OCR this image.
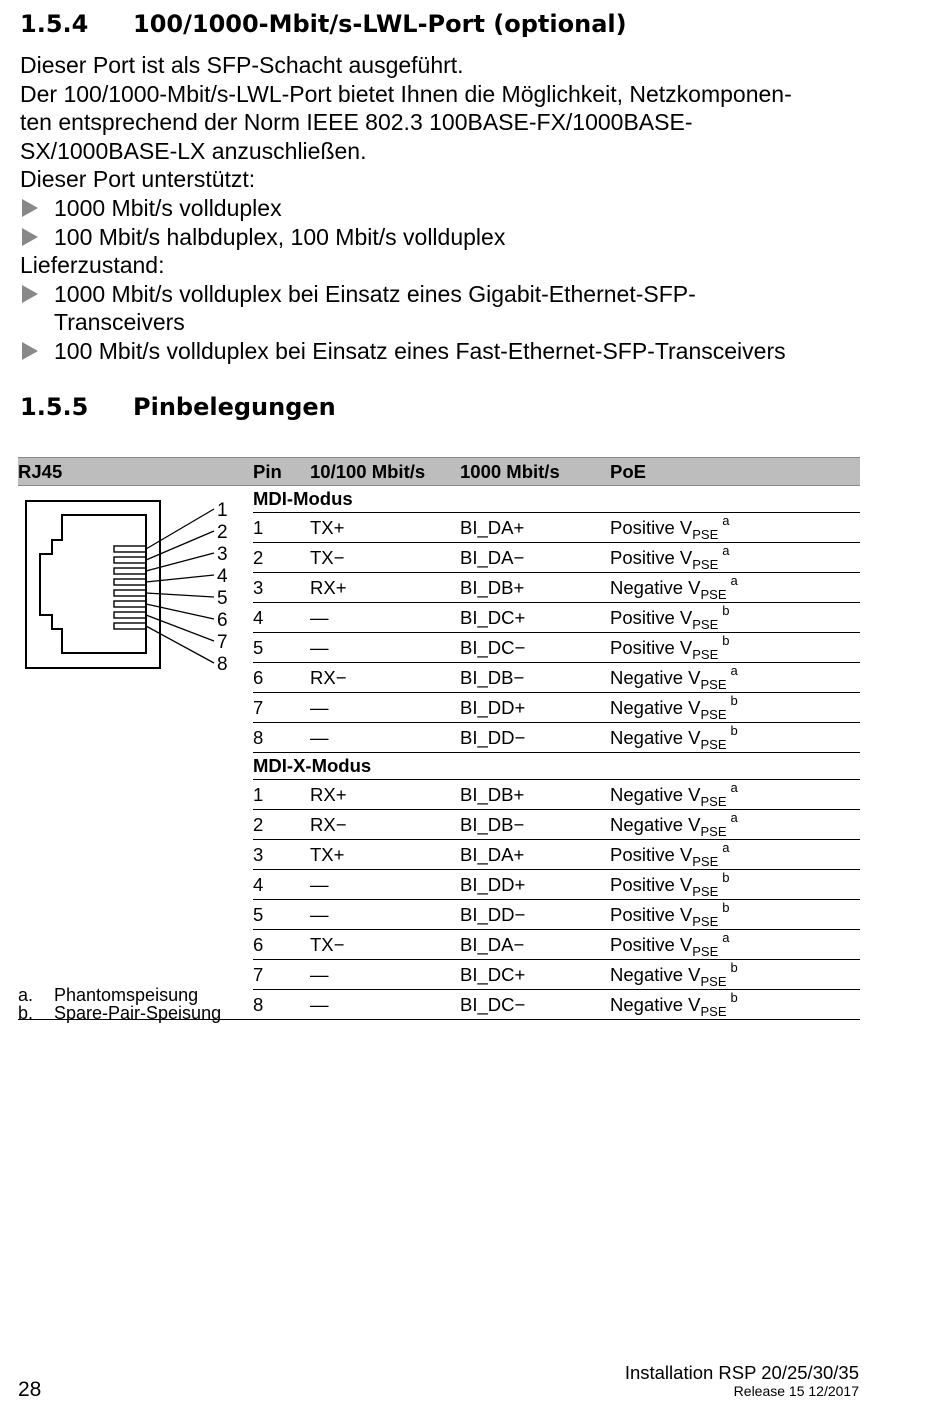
1.5.4 100/1000-Mbit/s-LWL-Port (optional)

Dieser Port ist als SFP-Schacht ausgeführt.

Der 100/1000-Mbit/s-LWL-Port bietet Ihnen die Möglichkeit, Netzkomponen-

ten entsprechend der Norm IEEE 802.3 100BASE-FX/1000BASE-

SX/1000BASE-LX anzuschließen.

Dieser Port unterstützt:

1000 Mbit/s vollduplex

100 Mbit/s halbduplex, 100 Mbit/s vollduplex

Lieferzustand:

1000 Mbit/s vollduplex bei Einsatz eines Gigabit-Ethernet-SFP-
Transceivers

100 Mbit/s vollduplex bei Einsatz eines Fast-Ethernet-SFP-Transceivers

1.5.5 Pinbelegungen
RJ45	Pin	10/100 Mbit/s	1000 Mbit/s	PoE
	MDI-Modus			
	1	TX+	BI_DA+	Positive $V_{PSE}^a$
	2	TX−	BI_DA−	Positive $V_{PSE}^a$
	3	RX+	BI_DB+	Negative $V_{PSE}^a$
	4	—	BI_DC+	Positive $V_{PSE}^b$
	5	—	BI_DC−	Positive $V_{PSE}^b$
	6	RX−	BI_DB−	Negative $V_{PSE}^a$
	7	—	BI_DD+	Negative $V_{PSE}^b$
	8	—	BI_DD−	Negative $V_{PSE}^b$
	MDI-X-Modus			
	1	RX+	BI_DB+	Negative $V_{PSE}^a$
	2	RX−	BI_DB−	Negative $V_{PSE}^a$
	3	TX+	BI_DA+	Positive $V_{PSE}^a$
	4	—	BI_DD+	Positive $V_{PSE}^b$
	5	—	BI_DD−	Positive $V_{PSE}^b$
	6	TX−	BI_DA−	Positive $V_{PSE}^a$
	7	—	BI_DC+	Negative $V_{PSE}^b$
	8	—	BI_DC−	Negative $V_{PSE}^b$
1
2
3
4
5
6
7
8
a. Phantomspeisung
b. Spare-Pair-Speisung
28
Installation RSP 20/25/30/35
Release 15 12/2017
